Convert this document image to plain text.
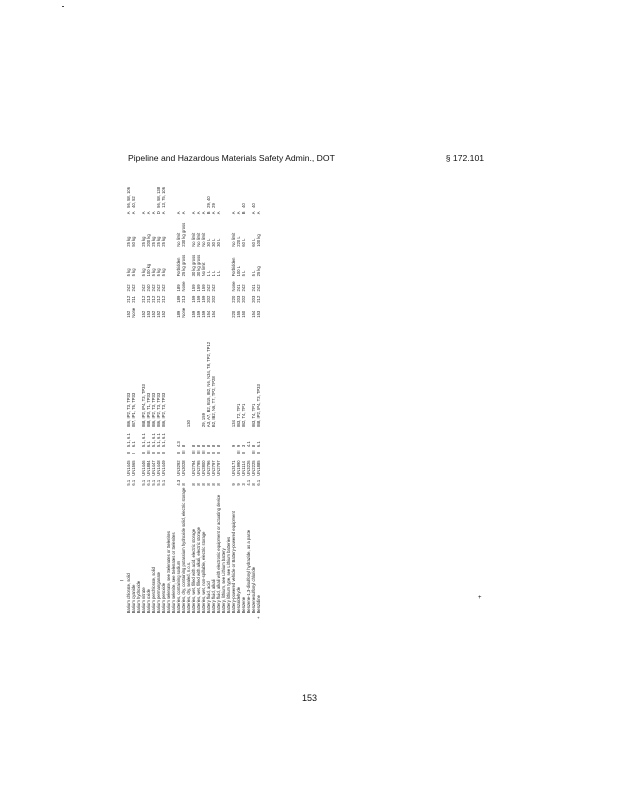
Pipeline and Hazardous Materials Safety Admin., DOT	§ 172.101
–
+
	Barium chlorate, solid	5.1	UN1445	II	5.1, 6.1	IB6, IP2, T3, TP33	152	212	242	5 kg	25 kg	A	56, 58, 106
	Barium cyanide	6.1	UN1565	I	6.1	IB7, IP1, T6, TP33	None	211	242	5 kg	50 kg	A	40, 52
	Barium hydroxide												
	Barium nitrate	5.1	UN1446	II	5.1, 6.1	IB8, IP2, IP4, T3, TP33	152	212	242	5 kg	25 kg	A	
	Barium oxide	6.1	UN1884	III	6.1	IB8, IP3, T1, TP33	153	213	240	100 kg	200 kg	A	
	Barium perchlorate, solid	5.1	UN1447	II	5.1, 6.1	IB6, IP2, T3, TP33	152	212	242	5 kg	25 kg	A	
	Barium permanganate	5.1	UN1448	II	5.1, 6.1	IB6, IP2, T3, TP33	152	212	242	5 kg	25 kg	D	56, 58, 138
	Barium peroxide	5.1	UN1449	II	5.1, 6.1	IB6, IP2, T3, TP33	152	212	242	5 kg	25 kg	A	13, 75, 106
	Barium selenate, see Selenates or Selenites												
	Barium selenite, see Selenates or Selenites												
	Batteries, containing sodium	4.3	UN3292	II	4.3		189	189	189	Forbidden	No limit	A	
	Batteries, dry, containing potassium hydroxide solid, electric storage	8	UN3028	III	8		None	213	None	25 kg gross	230 kg gross	A	
	Batteries, dry, sealed, n.o.s.					130							
	Batteries, wet, filled with acid, electric storage	8	UN2794	III	8		159	159	159	30 kg gross	No limit	A	
	Batteries, wet, filled with alkali, electric storage	8	UN2795	III	8		159	159	159	30 kg gross	No limit	A	
	Batteries, wet, non-spillable, electric storage	8	UN2800	III	8	29, 159	159	159	159	No limit	No limit	A	
	Battery fluid, acid	8	UN2796	II	8	A3, A7, B2, B15, IB2, N6, N34, T8, TP2, TP12	154	202	242	1 L	30 L	B	29, 40
	Battery fluid, alkali	8	UN2797	II	8	B2, IB2, N6, T7, TP2, TP28	154	202	242	1 L	30 L	A	29
	Battery fluid, alkali with electronic equipment or actuating device	8	UN2797	II	8					1 L	30 L	A	
	Battery, lithium, see Lithium battery												
	Battery lithium type, see Lithium batteries												
	Battery-powered vehicle or Battery-powered equipment	9	UN3171		9	134	220	220	None	Forbidden	No limit	A	
	Benzaldehyde	9	UN1990	III	9	IB3, T2, TP1	155	203	241	100 L	220 L	A	
	Benzene	3	UN1114	II	3	IB2, T4, TP1	150	202	242	5 L	60 L	B	40
	Benzene-1,3-disulfonyl hydrazide, as a paste	4.1	UN3226		4.1								
	Benzenesulfonyl chloride	8	UN2225	III	8	IB3, T4, TP1	154	203	241	5 L	60 L	A	40
+	Benzidine	6.1	UN1885	II	6.1	IB8, IP2, IP4, T3, TP33	153	212	242	25 kg	100 kg	A	
153
